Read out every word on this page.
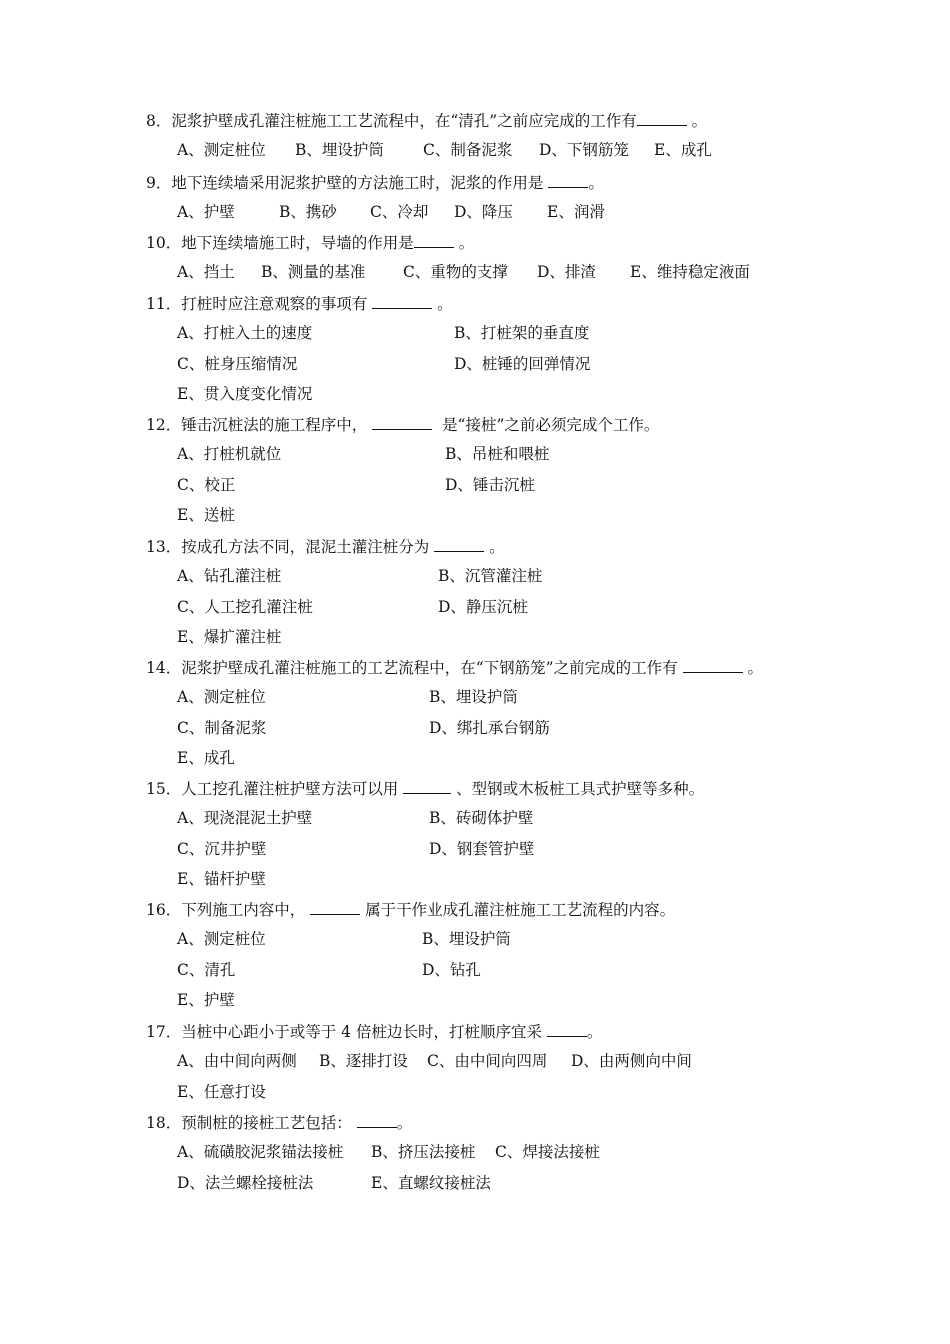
8．泥浆护壁成孔灌注桩施工工艺流程中，在“清孔”之前应完成的工作有	。
A、测定桩位 B、埋设护筒	C、制备泥浆 D、下钢筋笼 E、成孔
9．地下连续墙采用泥浆护壁的方法施工时，泥浆的作用是	。
A、护壁	B、携砂 C、冷却 D、降压 E、润滑
10．地下连续墙施工时，导墙的作用是	。
A、挡土 B、测量的基准 C、重物的支撑 D、排渣 E、维持稳定液面
11．打桩时应注意观察的事项有	。
A、打桩入土的速度	B、打桩架的垂直度
C、桩身压缩情况	D、桩锤的回弹情况
E、贯入度变化情况
12．锤击沉桩法的施工程序中，	是“接桩”之前必须完成个工作。
A、打桩机就位	B、吊桩和喂桩
C、校正	D、锤击沉桩
E、送桩
13．按成孔方法不同，混泥土灌注桩分为	。
A、钻孔灌注桩	B、沉管灌注桩
C、人工挖孔灌注桩	D、静压沉桩
E、爆扩灌注桩
14．泥浆护壁成孔灌注桩施工的工艺流程中，在“下钢筋笼”之前完成的工作有	。
A、测定桩位	B、埋设护筒
C、制备泥浆	D、绑扎承台钢筋
E、成孔
15．人工挖孔灌注桩护壁方法可以用	、型钢或木板桩工具式护壁等多种。
A、现浇混泥土护壁	B、砖砌体护壁
C、沉井护壁	D、钢套管护壁
E、锚杆护壁
16．下列施工内容中，	属于干作业成孔灌注桩施工工艺流程的内容。
A、测定桩位	B、埋设护筒
C、清孔	D、钻孔
E、护壁
17．当桩中心距小于或等于 4 倍桩边长时，打桩顺序宜采	。
A、由中间向两侧 B、逐排打设 C、由中间向四周 D、由两侧向中间
E、任意打设
18．预制桩的接桩工艺包括：	。
A、硫磺胶泥浆锚法接桩 B、挤压法接桩 C、焊接法接桩
D、法兰螺栓接桩法	E、直螺纹接桩法
